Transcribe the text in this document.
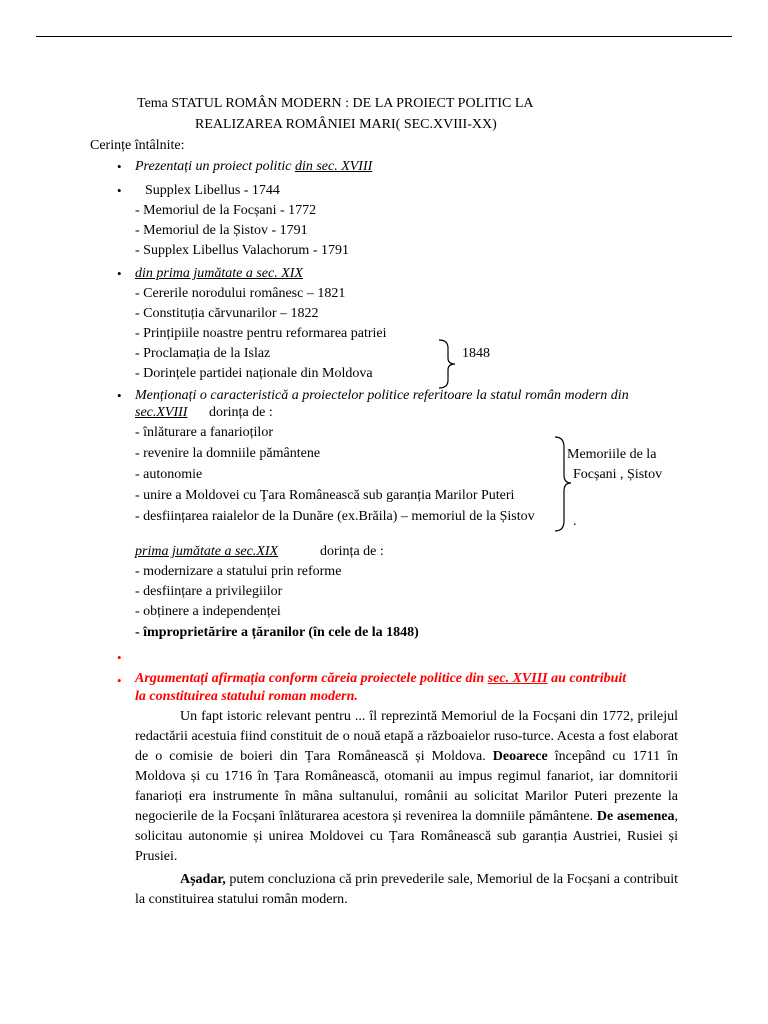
Tema STATUL ROMÂN MODERN : DE LA PROIECT POLITIC LA
REALIZAREA ROMÂNIEI MARI( SEC.XVIII-XX)
Cerințe întâlnite:
• Prezentați un proiect politic din sec. XVIII
• Supplex Libellus - 1744
- Memoriul de la Focșani - 1772
- Memoriul de la Șistov - 1791
- Supplex Libellus Valachorum - 1791
• din prima jumătate a sec. XIX
- Cererile norodului românesc – 1821
- Constituția cărvunarilor – 1822
- Prințipiile noastre pentru reformarea patriei
- Proclamația de la Islaz
- Dorințele partidei naționale din Moldova
1848
• Menționați o caracteristică a proiectelor politice referitoare la statul român modern din
sec.XVIII dorința de :
- înlăturare a fanarioților
- revenire la domniile pământene
- autonomie
- unire a Moldovei cu Țara Românească sub garanția Marilor Puteri
- desființarea raialelor de la Dunăre (ex.Brăila) – memoriul de la Șistov
Memoriile de la
Focșani , Șistov
.
prima jumătate a sec.XIX	dorința de :
- modernizare a statului prin reforme
- desființare a privilegiilor
- obținere a independenței
- împroprietărire a țăranilor (în cele de la 1848)
•
• Argumentați afirmația conform căreia proiectele politice din sec. XVIII au contribuit
la constituirea statului roman modern.
Un fapt istoric relevant pentru ... îl reprezintă Memoriul de la Focșani din 1772, prilejul redactării acestuia fiind constituit de o nouă etapă a războaielor ruso-turce. Acesta a fost elaborat de o comisie de boieri din Țara Românească și Moldova. Deoarece începând cu 1711 în Moldova și cu 1716 în Țara Românească, otomanii au impus regimul fanariot, iar domnitorii fanarioți era instrumente în mâna sultanului, românii au solicitat Marilor Puteri prezente la negocierile de la Focșani înlăturarea acestora și revenirea la domniile pământene. De asemenea, solicitau autonomie și unirea Moldovei cu Țara Românească sub garanția Austriei, Rusiei și Prusiei.
Așadar, putem concluziona că prin prevederile sale, Memoriul de la Focșani a contribuit la constituirea statului român modern.
